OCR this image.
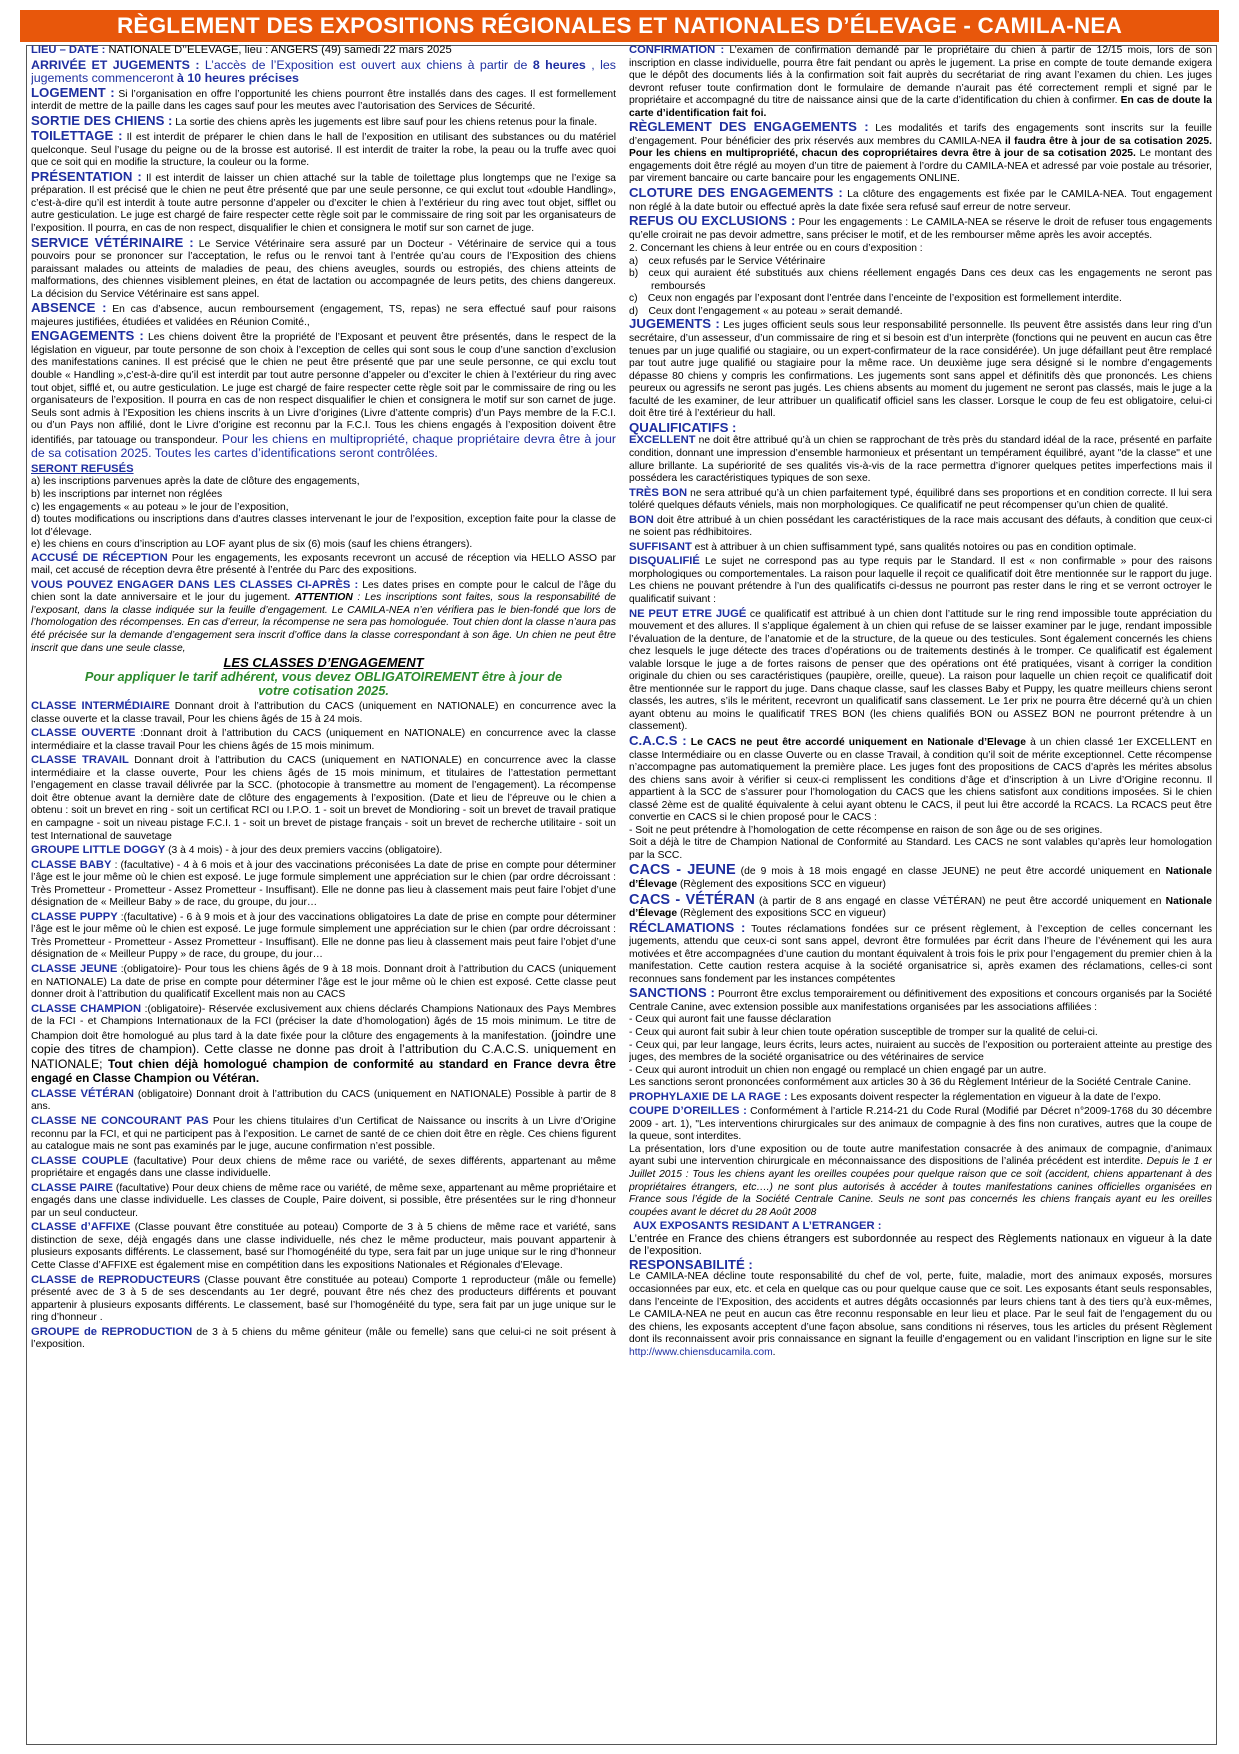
RÈGLEMENT DES EXPOSITIONS RÉGIONALES ET NATIONALES D’ÉLEVAGE - CAMILA-NEA

LIEU – DATE : NATIONALE D’’ELEVAGE, lieu : ANGERS (49) samedi 22 mars 2025

ARRIVÉE ET JUGEMENTS : L’accès de l’Exposition est ouvert aux chiens à partir de 8 heures , les jugements commenceront à 10 heures précises

LOGEMENT : Si l’organisation en offre l’opportunité les chiens pourront être installés dans des cages. Il est formellement interdit de mettre de la paille dans les cages sauf pour les meutes avec l’autorisation des Services de Sécurité.

SORTIE DES CHIENS : La sortie des chiens après les jugements est libre sauf pour les chiens retenus pour la finale.

TOILETTAGE : Il est interdit de préparer le chien dans le hall de l’exposition en utilisant des substances ou du matériel quelconque. Seul l’usage du peigne ou de la brosse est autorisé. Il est interdit de traiter la robe, la peau ou la truffe avec quoi que ce soit qui en modifie la structure, la couleur ou la forme.

PRÉSENTATION : Il est interdit de laisser un chien attaché sur la table de toilettage plus longtemps que ne l’exige sa préparation. Il est précisé que le chien ne peut être présenté que par une seule personne, ce qui exclut tout «double Handling», c’est-à-dire qu’il est interdit à toute autre personne d’appeler ou d’exciter le chien à l’extérieur du ring avec tout objet, sifflet ou autre gesticulation. Le juge est chargé de faire respecter cette règle soit par le commissaire de ring soit par les organisateurs de l’exposition. Il pourra, en cas de non respect, disqualifier le chien et consignera le motif sur son carnet de juge.

SERVICE VÉTÉRINAIRE : Le Service Vétérinaire sera assuré par un Docteur - Vétérinaire de service qui a tous pouvoirs pour se prononcer sur l’acceptation, le refus ou le renvoi tant à l’entrée qu’au cours de l’Exposition des chiens paraissant malades ou atteints de maladies de peau, des chiens aveugles, sourds ou estropiés, des chiens atteints de malformations, des chiennes visiblement pleines, en état de lactation ou accompagnée de leurs petits, des chiens dangereux. La décision du Service Vétérinaire est sans appel.

ABSENCE : En cas d’absence, aucun remboursement (engagement, TS, repas) ne sera effectué sauf pour raisons majeures justifiées, étudiées et validées en Réunion Comité.,

ENGAGEMENTS : Les chiens doivent être la propriété de l’Exposant et peuvent être présentés, dans le respect de la législation en vigueur, par toute personne de son choix à l’exception de celles qui sont sous le coup d’une sanction d’exclusion des manifestations canines. Il est précisé que le chien ne peut être présenté que par une seule personne, ce qui exclu tout double « Handling »,c’est-à-dire qu’il est interdit par tout autre personne d’appeler ou d’exciter le chien à l’extérieur du ring avec tout objet, sifflé et, ou autre gesticulation. Le juge est chargé de faire respecter cette règle soit par le commissaire de ring ou les organisateurs de l’exposition. Il pourra en cas de non respect disqualifier le chien et consignera le motif sur son carnet de juge. Seuls sont admis à l’Exposition les chiens inscrits à un Livre d’origines (Livre d’attente compris) d’un Pays membre de la F.C.I. ou d’un Pays non affilié, dont le Livre d’origine est reconnu par la F.C.I. Tous les chiens engagés à l’exposition doivent être identifiés, par tatouage ou transpondeur. Pour les chiens en multipropriété, chaque propriétaire devra être à jour de sa cotisation 2025. Toutes les cartes d’identifications seront contrôlées.

SERONT REFUSÉS

a) les inscriptions parvenues après la date de clôture des engagements,
b) les inscriptions par internet non réglées
c) les engagements « au poteau » le jour de l’exposition,
d) toutes modifications ou inscriptions dans d’autres classes intervenant le jour de l’exposition, exception faite pour la classe de lot d’élevage.
e) les chiens en cours d’inscription au LOF ayant plus de six (6) mois (sauf les chiens étrangers).

ACCUSÉ DE RÉCEPTION Pour les engagements, les exposants recevront un accusé de réception via HELLO ASSO par mail, cet accusé de réception devra être présenté à l’entrée du Parc des expositions.

VOUS POUVEZ ENGAGER DANS LES CLASSES CI-APRÈS : Les dates prises en compte pour le calcul de l’âge du chien sont la date anniversaire et le jour du jugement. ATTENTION : Les inscriptions sont faites, sous la responsabilité de l’exposant, dans la classe indiquée sur la feuille d’engagement. Le CAMILA-NEA n’en vérifiera pas le bien-fondé que lors de l’homologation des récompenses. En cas d’erreur, la récompense ne sera pas homologuée. Tout chien dont la classe n’aura pas été précisée sur la demande d’engagement sera inscrit d’office dans la classe correspondant à son âge. Un chien ne peut être inscrit que dans une seule classe,

LES CLASSES D’ENGAGEMENT
Pour appliquer le tarif adhérent, vous devez OBLIGATOIREMENT être à jour de votre cotisation 2025.

CLASSE INTERMÉDIAIRE Donnant droit à l’attribution du CACS (uniquement en NATIONALE) en concurrence avec la classe ouverte et la classe travail, Pour les chiens âgés de 15 à 24 mois.

CLASSE OUVERTE :Donnant droit à l’attribution du CACS (uniquement en NATIONALE) en concurrence avec la classe intermédiaire et la classe travail Pour les chiens âgés de 15 mois minimum.

CLASSE TRAVAIL Donnant droit à l’attribution du CACS (uniquement en NATIONALE) en concurrence avec la classe intermédiaire et la classe ouverte, Pour les chiens âgés de 15 mois minimum, et titulaires de l’attestation permettant l’engagement en classe travail délivrée par la SCC. (photocopie à transmettre au moment de l’engagement). La récompense doit être obtenue avant la dernière date de clôture des engagements à l’exposition. (Date et lieu de l’épreuve ou le chien a obtenu : soit un brevet en ring - soit un certificat RCI ou I.P.O. 1 - soit un brevet de Mondioring - soit un brevet de travail pratique en campagne - soit un niveau pistage F.C.I. 1 - soit un brevet de pistage français - soit un brevet de recherche utilitaire - soit un test International de sauvetage

GROUPE LITTLE DOGGY (3 à 4 mois) - à jour des deux premiers vaccins (obligatoire).

CLASSE BABY : (facultative) - 4 à 6 mois et à jour des vaccinations préconisées La date de prise en compte pour déterminer l’âge est le jour même où le chien est exposé. Le juge formule simplement une appréciation sur le chien (par ordre décroissant : Très Prometteur - Prometteur - Assez Prometteur - Insuffisant). Elle ne donne pas lieu à classement mais peut faire l’objet d’une désignation de « Meilleur Baby » de race, du groupe, du jour…

CLASSE PUPPY :(facultative) - 6 à 9 mois et à jour des vaccinations obligatoires La date de prise en compte pour déterminer l’âge est le jour même où le chien est exposé. Le juge formule simplement une appréciation sur le chien (par ordre décroissant : Très Prometteur - Prometteur - Assez Prometteur - Insuffisant). Elle ne donne pas lieu à classement mais peut faire l’objet d’une désignation de « Meilleur Puppy » de race, du groupe, du jour…

CLASSE JEUNE :(obligatoire)- Pour tous les chiens âgés de 9 à 18 mois. Donnant droit à l’attribution du CACS (uniquement en NATIONALE) La date de prise en compte pour déterminer l’âge est le jour même où le chien est exposé. Cette classe peut donner droit à l’attribution du qualificatif Excellent mais non au CACS

CLASSE CHAMPION :(obligatoire)- Réservée exclusivement aux chiens déclarés Champions Nationaux des Pays Membres de la FCI - et Champions Internationaux de la FCI (préciser la date d’homologation) âgés de 15 mois minimum. Le titre de Champion doit être homologué au plus tard à la date fixée pour la clôture des engagements à la manifestation. (joindre une copie des titres de champion). Cette classe ne donne pas droit à l’attribution du C.A.C.S. uniquement en NATIONALE; Tout chien déjà homologué champion de conformité au standard en France devra être engagé en Classe Champion ou Vétéran.

CLASSE VÉTÉRAN (obligatoire) Donnant droit à l’attribution du CACS (uniquement en NATIONALE) Possible à partir de 8 ans.

CLASSE NE CONCOURANT PAS Pour les chiens titulaires d’un Certificat de Naissance ou inscrits à un Livre d’Origine reconnu par la FCI, et qui ne participent pas à l’exposition. Le carnet de santé de ce chien doit être en règle. Ces chiens figurent au catalogue mais ne sont pas examinés par le juge, aucune confirmation n’est possible.

CLASSE COUPLE (facultative) Pour deux chiens de même race ou variété, de sexes différents, appartenant au même propriétaire et engagés dans une classe individuelle.

CLASSE PAIRE (facultative) Pour deux chiens de même race ou variété, de même sexe, appartenant au même propriétaire et engagés dans une classe individuelle. Les classes de Couple, Paire doivent, si possible, être présentées sur le ring d’honneur par un seul conducteur.

CLASSE d’AFFIXE (Classe pouvant être constituée au poteau) Comporte de 3 à 5 chiens de même race et variété, sans distinction de sexe, déjà engagés dans une classe individuelle, nés chez le même producteur, mais pouvant appartenir à plusieurs exposants différents. Le classement, basé sur l’homogénéité du type, sera fait par un juge unique sur le ring d’honneur Cette Classe d’AFFIXE est également mise en compétition dans les expositions Nationales et Régionales d’Elevage.

CLASSE de REPRODUCTEURS (Classe pouvant être constituée au poteau) Comporte 1 reproducteur (mâle ou femelle) présenté avec de 3 à 5 de ses descendants au 1er degré, pouvant être nés chez des producteurs différents et pouvant appartenir à plusieurs exposants différents. Le classement, basé sur l’homogénéité du type, sera fait par un juge unique sur le ring d’honneur .

GROUPE de REPRODUCTION de 3 à 5 chiens du même géniteur (mâle ou femelle) sans que celui-ci ne soit présent à l’exposition.

CONFIRMATION : L’examen de confirmation demandé par le propriétaire du chien à partir de 12/15 mois, lors de son inscription en classe individuelle, pourra être fait pendant ou après le jugement. La prise en compte de toute demande exigera que le dépôt des documents liés à la confirmation soit fait auprès du secrétariat de ring avant l’examen du chien. Les juges devront refuser toute confirmation dont le formulaire de demande n’aurait pas été correctement rempli et signé par le propriétaire et accompagné du titre de naissance ainsi que de la carte d’identification du chien à confirmer. En cas de doute la carte d’identification fait foi.

RÈGLEMENT DES ENGAGEMENTS : Les modalités et tarifs des engagements sont inscrits sur la feuille d’engagement. Pour bénéficier des prix réservés aux membres du CAMILA-NEA il faudra être à jour de sa cotisation 2025. Pour les chiens en multipropriété, chacun des copropriétaires devra être à jour de sa cotisation 2025. Le montant des engagements doit être réglé au moyen d’un titre de paiement à l’ordre du CAMILA-NEA et adressé par voie postale au trésorier, par virement bancaire ou carte bancaire pour les engagements ONLINE.

CLOTURE DES ENGAGEMENTS : La clôture des engagements est fixée par le CAMILA-NEA. Tout engagement non réglé à la date butoir ou effectué après la date fixée sera refusé sauf erreur de notre serveur.

REFUS OU EXCLUSIONS : Pour les engagements : Le CAMILA-NEA se réserve le droit de refuser tous engagements qu’elle croirait ne pas devoir admettre, sans préciser le motif, et de les rembourser même après les avoir acceptés.

2. Concernant les chiens à leur entrée ou en cours d’exposition :
a) ceux refusés par le Service Vétérinaire
b) ceux qui auraient été substitués aux chiens réellement engagés Dans ces deux cas les engagements ne seront pas remboursés
c) Ceux non engagés par l’exposant dont l’entrée dans l’enceinte de l’exposition est formellement interdite.
d) Ceux dont l’engagement « au poteau » serait demandé.

JUGEMENTS : Les juges officient seuls sous leur responsabilité personnelle. Ils peuvent être assistés dans leur ring d’un secrétaire, d’un assesseur, d’un commissaire de ring et si besoin est d’un interprète (fonctions qui ne peuvent en aucun cas être tenues par un juge qualifié ou stagiaire, ou un expert-confirmateur de la race considérée). Un juge défaillant peut être remplacé par tout autre juge qualifié ou stagiaire pour la même race. Un deuxième juge sera désigné si le nombre d’engagements dépasse 80 chiens y compris les confirmations. Les jugements sont sans appel et définitifs dès que prononcés. Les chiens peureux ou agressifs ne seront pas jugés. Les chiens absents au moment du jugement ne seront pas classés, mais le juge a la faculté de les examiner, de leur attribuer un qualificatif officiel sans les classer. Lorsque le coup de feu est obligatoire, celui-ci doit être tiré à l’extérieur du hall.

QUALIFICATIFS :

EXCELLENT ne doit être attribué qu’à un chien se rapprochant de très près du standard idéal de la race, présenté en parfaite condition, donnant une impression d’ensemble harmonieux et présentant un tempérament équilibré, ayant "de la classe" et une allure brillante. La supériorité de ses qualités vis-à-vis de la race permettra d’ignorer quelques petites imperfections mais il possédera les caractéristiques typiques de son sexe.

TRÈS BON ne sera attribué qu’à un chien parfaitement typé, équilibré dans ses proportions et en condition correcte. Il lui sera toléré quelques défauts véniels, mais non morphologiques. Ce qualificatif ne peut récompenser qu’un chien de qualité.

BON doit être attribué à un chien possédant les caractéristiques de la race mais accusant des défauts, à condition que ceux-ci ne soient pas rédhibitoires.

SUFFISANT est à attribuer à un chien suffisamment typé, sans qualités notoires ou pas en condition optimale.

DISQUALIFIÉ Le sujet ne correspond pas au type requis par le Standard. Il est « non confirmable » pour des raisons morphologiques ou comportementales. La raison pour laquelle il reçoit ce qualificatif doit être mentionnée sur le rapport du juge. Les chiens ne pouvant prétendre à l’un des qualificatifs ci-dessus ne pourront pas rester dans le ring et se verront octroyer le qualificatif suivant :

NE PEUT ETRE JUGÉ ce qualificatif est attribué à un chien dont l’attitude sur le ring rend impossible toute appréciation du mouvement et des allures. Il s’applique également à un chien qui refuse de se laisser examiner par le juge, rendant impossible l’évaluation de la denture, de l’anatomie et de la structure, de la queue ou des testicules. Sont également concernés les chiens chez lesquels le juge détecte des traces d’opérations ou de traitements destinés à le tromper. Ce qualificatif est également valable lorsque le juge a de fortes raisons de penser que des opérations ont été pratiquées, visant à corriger la condition originale du chien ou ses caractéristiques (paupière, oreille, queue). La raison pour laquelle un chien reçoit ce qualificatif doit être mentionnée sur le rapport du juge. Dans chaque classe, sauf les classes Baby et Puppy, les quatre meilleurs chiens seront classés, les autres, s’ils le méritent, recevront un qualificatif sans classement. Le 1er prix ne pourra être décerné qu’à un chien ayant obtenu au moins le qualificatif TRES BON (les chiens qualifiés BON ou ASSEZ BON ne pourront prétendre à un classement).

C.A.C.S : Le CACS ne peut être accordé uniquement en Nationale d’Elevage à un chien classé 1er EXCELLENT en classe Intermédiaire ou en classe Ouverte ou en classe Travail, à condition qu’il soit de mérite exceptionnel. Cette récompense n’accompagne pas automatiquement la première place. Les juges font des propositions de CACS d’après les mérites absolus des chiens sans avoir à vérifier si ceux-ci remplissent les conditions d’âge et d’inscription à un Livre d’Origine reconnu. Il appartient à la SCC de s’assurer pour l’homologation du CACS que les chiens satisfont aux conditions imposées. Si le chien classé 2ème est de qualité équivalente à celui ayant obtenu le CACS, il peut lui être accordé la RCACS. La RCACS peut être convertie en CACS si le chien proposé pour le CACS :

- Soit ne peut prétendre à l’homologation de cette récompense en raison de son âge ou de ses origines.

Soit a déjà le titre de Champion National de Conformité au Standard. Les CACS ne sont valables qu’après leur homologation par la SCC.

CACS - JEUNE (de 9 mois à 18 mois engagé en classe JEUNE) ne peut être accordé uniquement en Nationale d’Élevage (Règlement des expositions SCC en vigueur)

CACS - VÉTÉRAN (à partir de 8 ans engagé en classe VÉTÉRAN) ne peut être accordé uniquement en Nationale d’Élevage (Règlement des expositions SCC en vigueur)

RÉCLAMATIONS : Toutes réclamations fondées sur ce présent règlement, à l’exception de celles concernant les jugements, attendu que ceux-ci sont sans appel, devront être formulées par écrit dans l’heure de l’événement qui les aura motivées et être accompagnées d’une caution du montant équivalent à trois fois le prix pour l’engagement du premier chien à la manifestation. Cette caution restera acquise à la société organisatrice si, après examen des réclamations, celles-ci sont reconnues sans fondement par les instances compétentes

SANCTIONS : Pourront être exclus temporairement ou définitivement des expositions et concours organisés par la Société Centrale Canine, avec extension possible aux manifestations organisées par les associations affiliées :

- Ceux qui auront fait une fausse déclaration
- Ceux qui auront fait subir à leur chien toute opération susceptible de tromper sur la qualité de celui-ci.
- Ceux qui, par leur langage, leurs écrits, leurs actes, nuiraient au succès de l’exposition ou porteraient atteinte au prestige des juges, des membres de la société organisatrice ou des vétérinaires de service
- Ceux qui auront introduit un chien non engagé ou remplacé un chien engagé par un autre.

Les sanctions seront prononcées conformément aux articles 30 à 36 du Règlement Intérieur de la Société Centrale Canine.

PROPHYLAXIE DE LA RAGE : Les exposants doivent respecter la réglementation en vigueur à la date de l’expo.

COUPE D’OREILLES : Conformément à l’article R.214-21 du Code Rural (Modifié par Décret n°2009-1768 du 30 décembre 2009 - art. 1), "Les interventions chirurgicales sur des animaux de compagnie à des fins non curatives, autres que la coupe de la queue, sont interdites.

La présentation, lors d’une exposition ou de toute autre manifestation consacrée à des animaux de compagnie, d’animaux ayant subi une intervention chirurgicale en méconnaissance des dispositions de l’alinéa précédent est interdite. Depuis le 1 er Juillet 2015 : Tous les chiens ayant les oreilles coupées pour quelque raison que ce soit (accident, chiens appartenant à des propriétaires étrangers, etc….) ne sont plus autorisés à accéder à toutes manifestations canines officielles organisées en France sous l’égide de la Société Centrale Canine. Seuls ne sont pas concernés les chiens français ayant eu les oreilles coupées avant le décret du 28 Août 2008

AUX EXPOSANTS RESIDANT A L’ETRANGER :

L’entrée en France des chiens étrangers est subordonnée au respect des Règlements nationaux en vigueur à la date de l’exposition.

RESPONSABILITÉ :

Le CAMILA-NEA décline toute responsabilité du chef de vol, perte, fuite, maladie, mort des animaux exposés, morsures occasionnées par eux, etc. et cela en quelque cas ou pour quelque cause que ce soit. Les exposants étant seuls responsables, dans l’enceinte de l’Exposition, des accidents et autres dégâts occasionnés par leurs chiens tant à des tiers qu’à eux-mêmes, Le CAMILA-NEA ne peut en aucun cas être reconnu responsable en leur lieu et place. Par le seul fait de l’engagement du ou des chiens, les exposants acceptent d’une façon absolue, sans conditions ni réserves, tous les articles du présent Règlement dont ils reconnaissent avoir pris connaissance en signant la feuille d’engagement ou en validant l’inscription en ligne sur le site http://www.chiensducamila.com.
